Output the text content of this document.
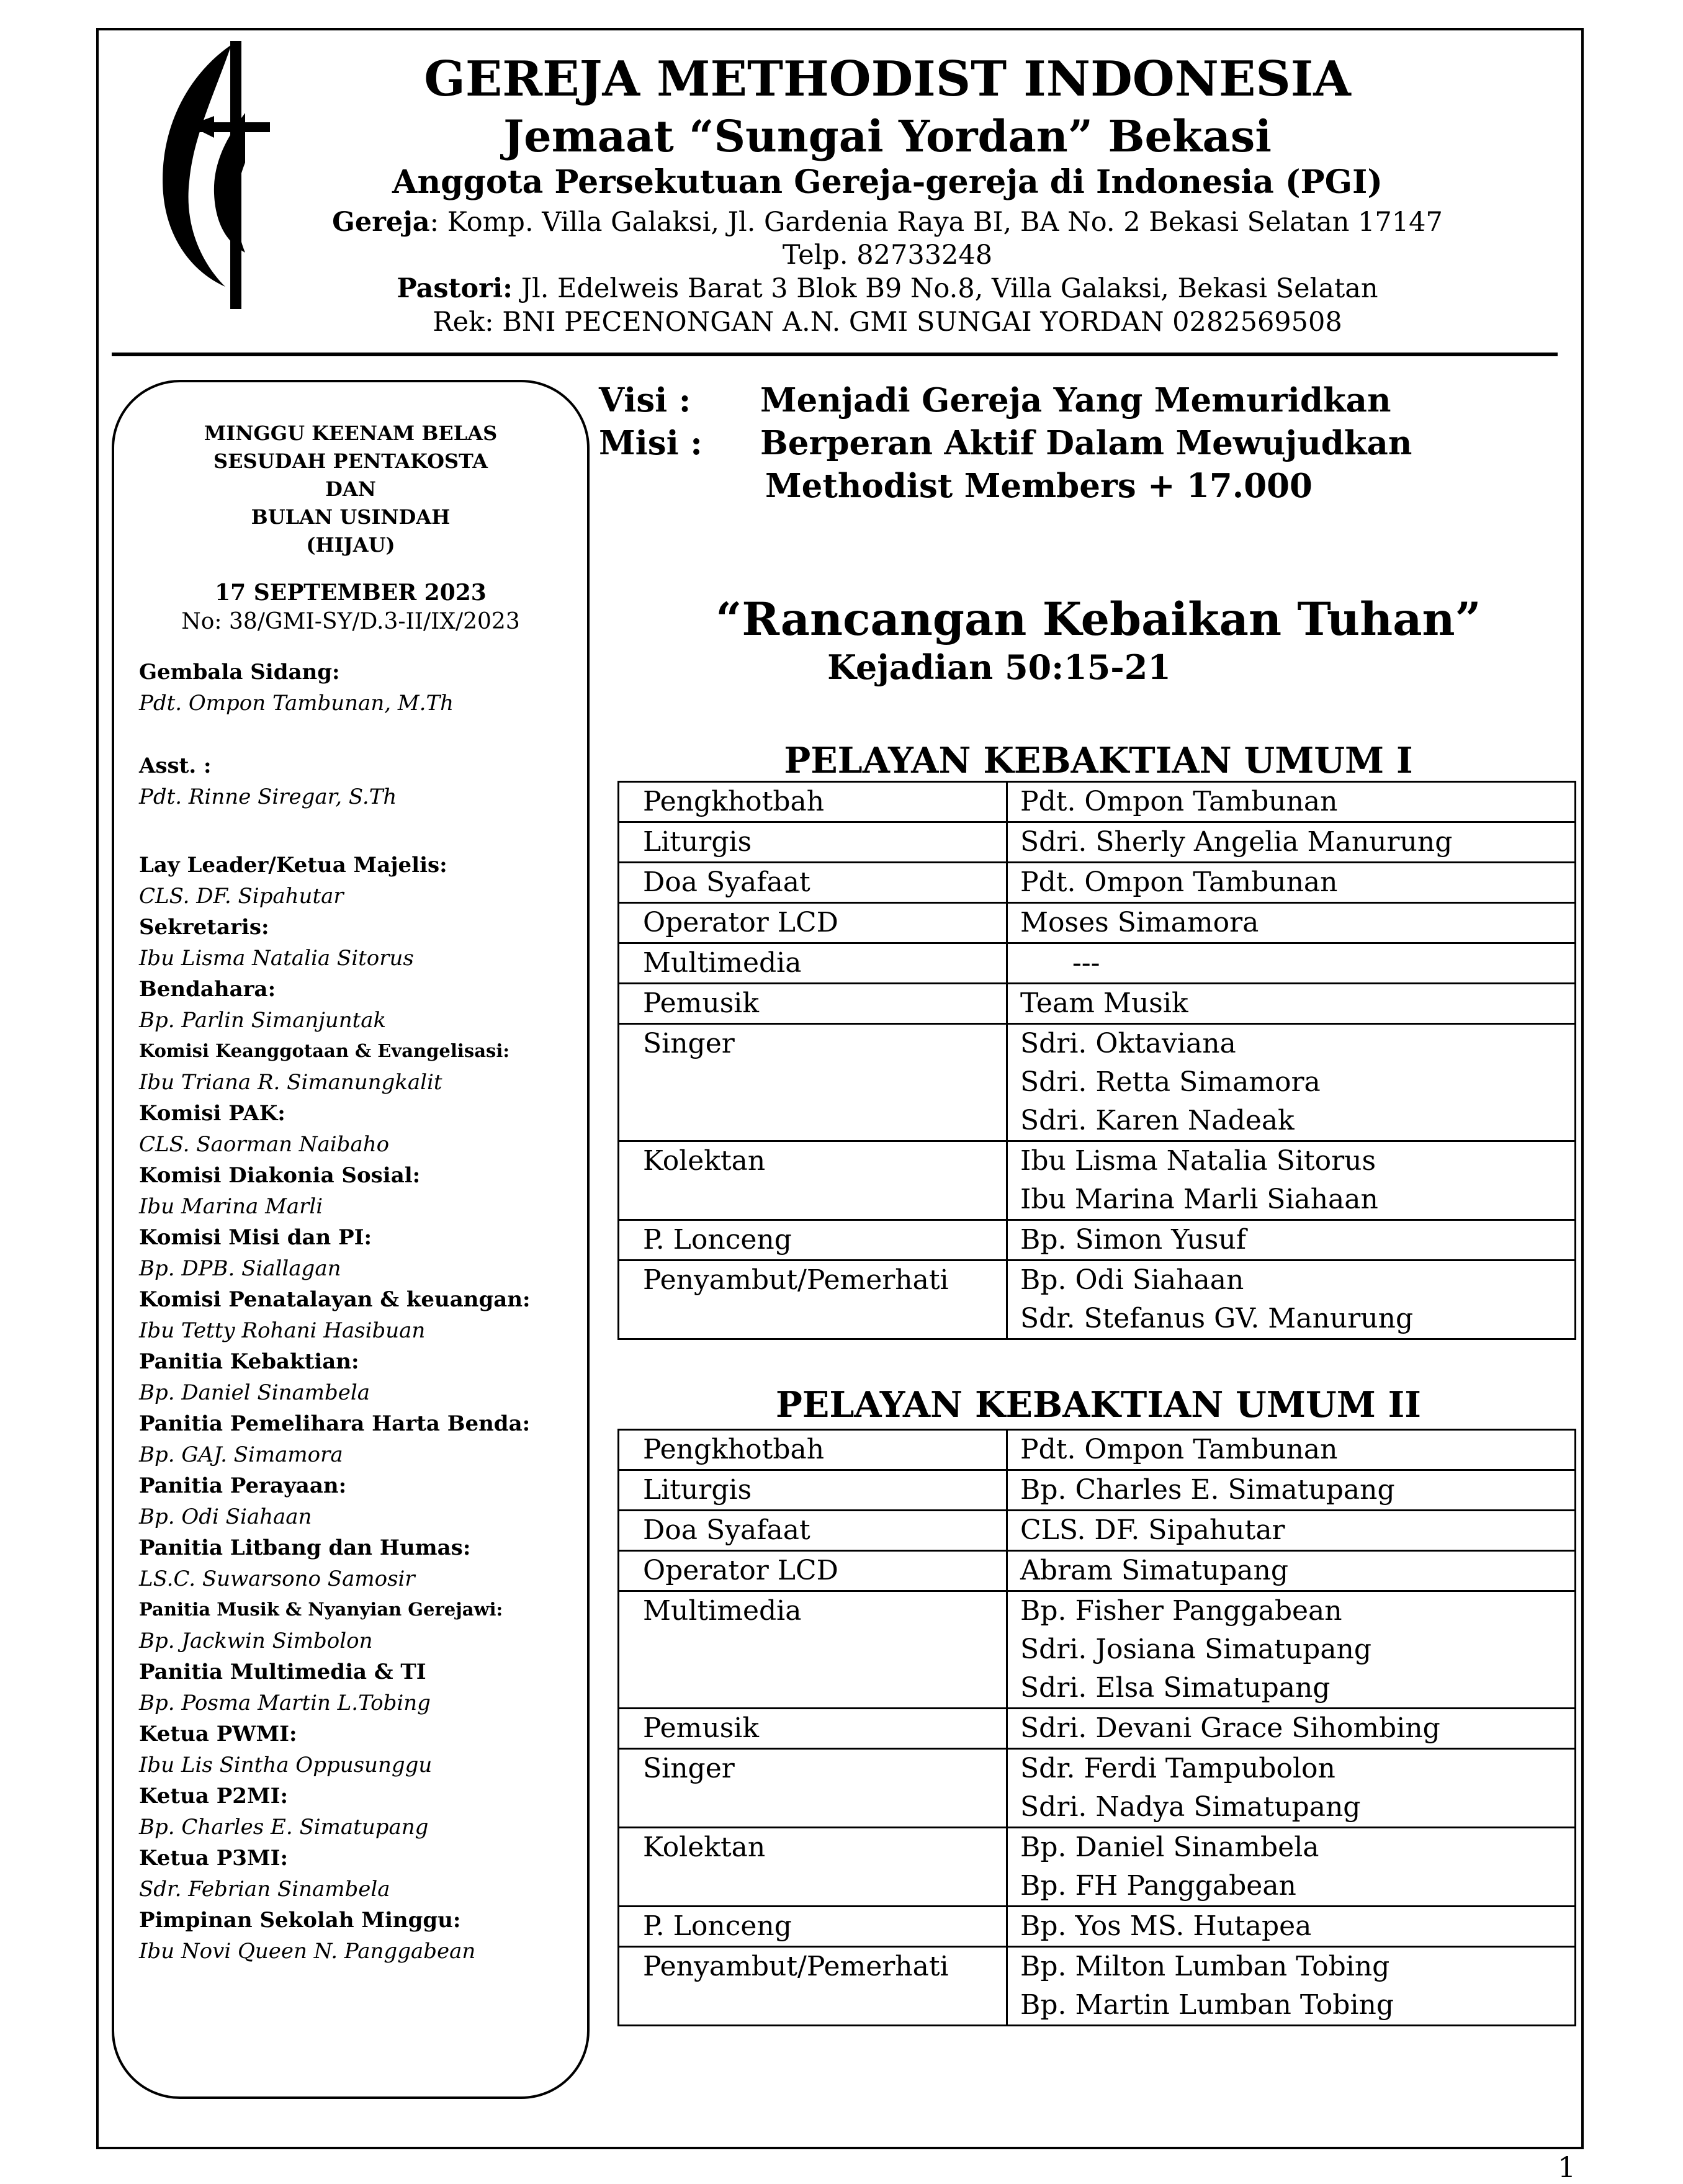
GEREJA METHODIST INDONESIA
Jemaat “Sungai Yordan” Bekasi
Anggota Persekutuan Gereja-gereja di Indonesia (PGI)
Gereja: Komp. Villa Galaksi, Jl. Gardenia Raya BI, BA No. 2 Bekasi Selatan 17147
Telp. 82733248
Pastori: Jl. Edelweis Barat 3 Blok B9 No.8, Villa Galaksi, Bekasi Selatan
Rek: BNI PECENONGAN A.N. GMI SUNGAI YORDAN 0282569508
MINGGU KEENAM BELAS
SESUDAH PENTAKOSTA
DAN
BULAN USINDAH
(HIJAU)
17 SEPTEMBER 2023
No: 38/GMI-SY/D.3-II/IX/2023
Gembala Sidang:
Pdt. Ompon Tambunan, M.Th
Asst. :
Pdt. Rinne Siregar, S.Th
Lay Leader/Ketua Majelis:
CLS. DF. Sipahutar
Sekretaris:
Ibu Lisma Natalia Sitorus
Bendahara:
Bp. Parlin Simanjuntak
Komisi Keanggotaan & Evangelisasi:
Ibu Triana R. Simanungkalit
Komisi PAK:
CLS. Saorman Naibaho
Komisi Diakonia Sosial:
Ibu Marina Marli
Komisi Misi dan PI:
Bp. DPB. Siallagan
Komisi Penatalayan & keuangan:
Ibu Tetty Rohani Hasibuan
Panitia Kebaktian:
Bp. Daniel Sinambela
Panitia Pemelihara Harta Benda:
Bp. GAJ. Simamora
Panitia Perayaan:
Bp. Odi Siahaan
Panitia Litbang dan Humas:
LS.C. Suwarsono Samosir
Panitia Musik & Nyanyian Gerejawi:
Bp. Jackwin Simbolon
Panitia Multimedia & TI
Bp. Posma Martin L.Tobing
Ketua PWMI:
Ibu Lis Sintha Oppusunggu
Ketua P2MI:
Bp. Charles E. Simatupang
Ketua P3MI:
Sdr. Febrian Sinambela
Pimpinan Sekolah Minggu:
Ibu Novi Queen N. Panggabean
Visi : Menjadi Gereja Yang Memuridkan
Misi : Berperan Aktif Dalam Mewujudkan
Methodist Members + 17.000
“Rancangan Kebaikan Tuhan”
Kejadian 50:15-21
PELAYAN KEBAKTIAN UMUM I
Pengkhotbah	Pdt. Ompon Tambunan
Liturgis	Sdri. Sherly Angelia Manurung
Doa Syafaat	Pdt. Ompon Tambunan
Operator LCD	Moses Simamora
Multimedia	---
Pemusik	Team Musik
Singer	Sdri. Oktaviana
Sdri. Retta Simamora
Sdri. Karen Nadeak

Kolektan	Ibu Lisma Natalia Sitorus
Ibu Marina Marli Siahaan

P. Lonceng	Bp. Simon Yusuf
Penyambut/Pemerhati	Bp. Odi Siahaan
Sdr. Stefanus GV. Manurung
PELAYAN KEBAKTIAN UMUM II
Pengkhotbah	Pdt. Ompon Tambunan
Liturgis	Bp. Charles E. Simatupang
Doa Syafaat	CLS. DF. Sipahutar
Operator LCD	Abram Simatupang
Multimedia	Bp. Fisher Panggabean
Sdri. Josiana Simatupang
Sdri. Elsa Simatupang

Pemusik	Sdri. Devani Grace Sihombing
Singer	Sdr. Ferdi Tampubolon
Sdri. Nadya Simatupang

Kolektan	Bp. Daniel Sinambela
Bp. FH Panggabean

P. Lonceng	Bp. Yos MS. Hutapea
Penyambut/Pemerhati	Bp. Milton Lumban Tobing
Bp. Martin Lumban Tobing
1
